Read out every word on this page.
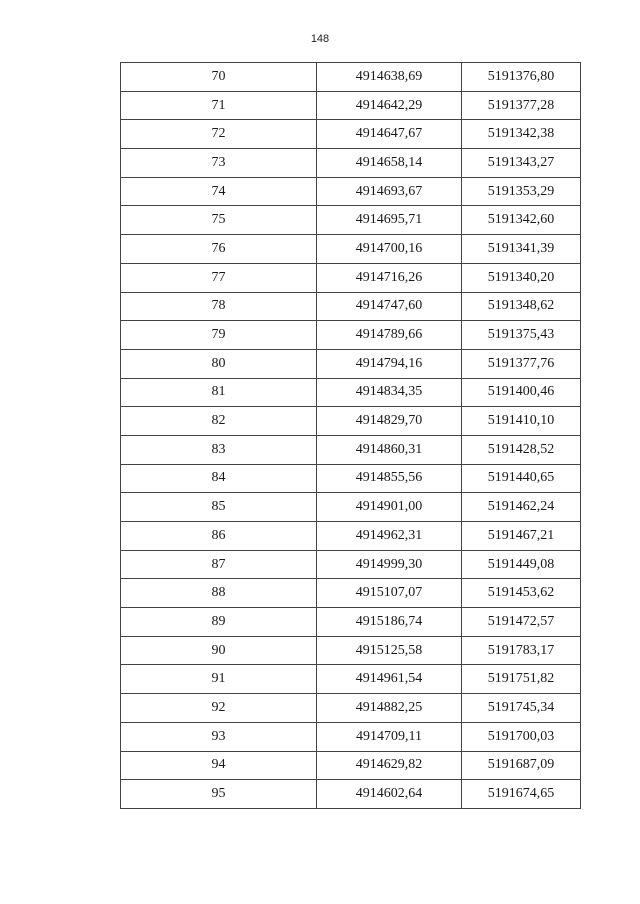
148
70	4914638,69	5191376,80
71	4914642,29	5191377,28
72	4914647,67	5191342,38
73	4914658,14	5191343,27
74	4914693,67	5191353,29
75	4914695,71	5191342,60
76	4914700,16	5191341,39
77	4914716,26	5191340,20
78	4914747,60	5191348,62
79	4914789,66	5191375,43
80	4914794,16	5191377,76
81	4914834,35	5191400,46
82	4914829,70	5191410,10
83	4914860,31	5191428,52
84	4914855,56	5191440,65
85	4914901,00	5191462,24
86	4914962,31	5191467,21
87	4914999,30	5191449,08
88	4915107,07	5191453,62
89	4915186,74	5191472,57
90	4915125,58	5191783,17
91	4914961,54	5191751,82
92	4914882,25	5191745,34
93	4914709,11	5191700,03
94	4914629,82	5191687,09
95	4914602,64	5191674,65
